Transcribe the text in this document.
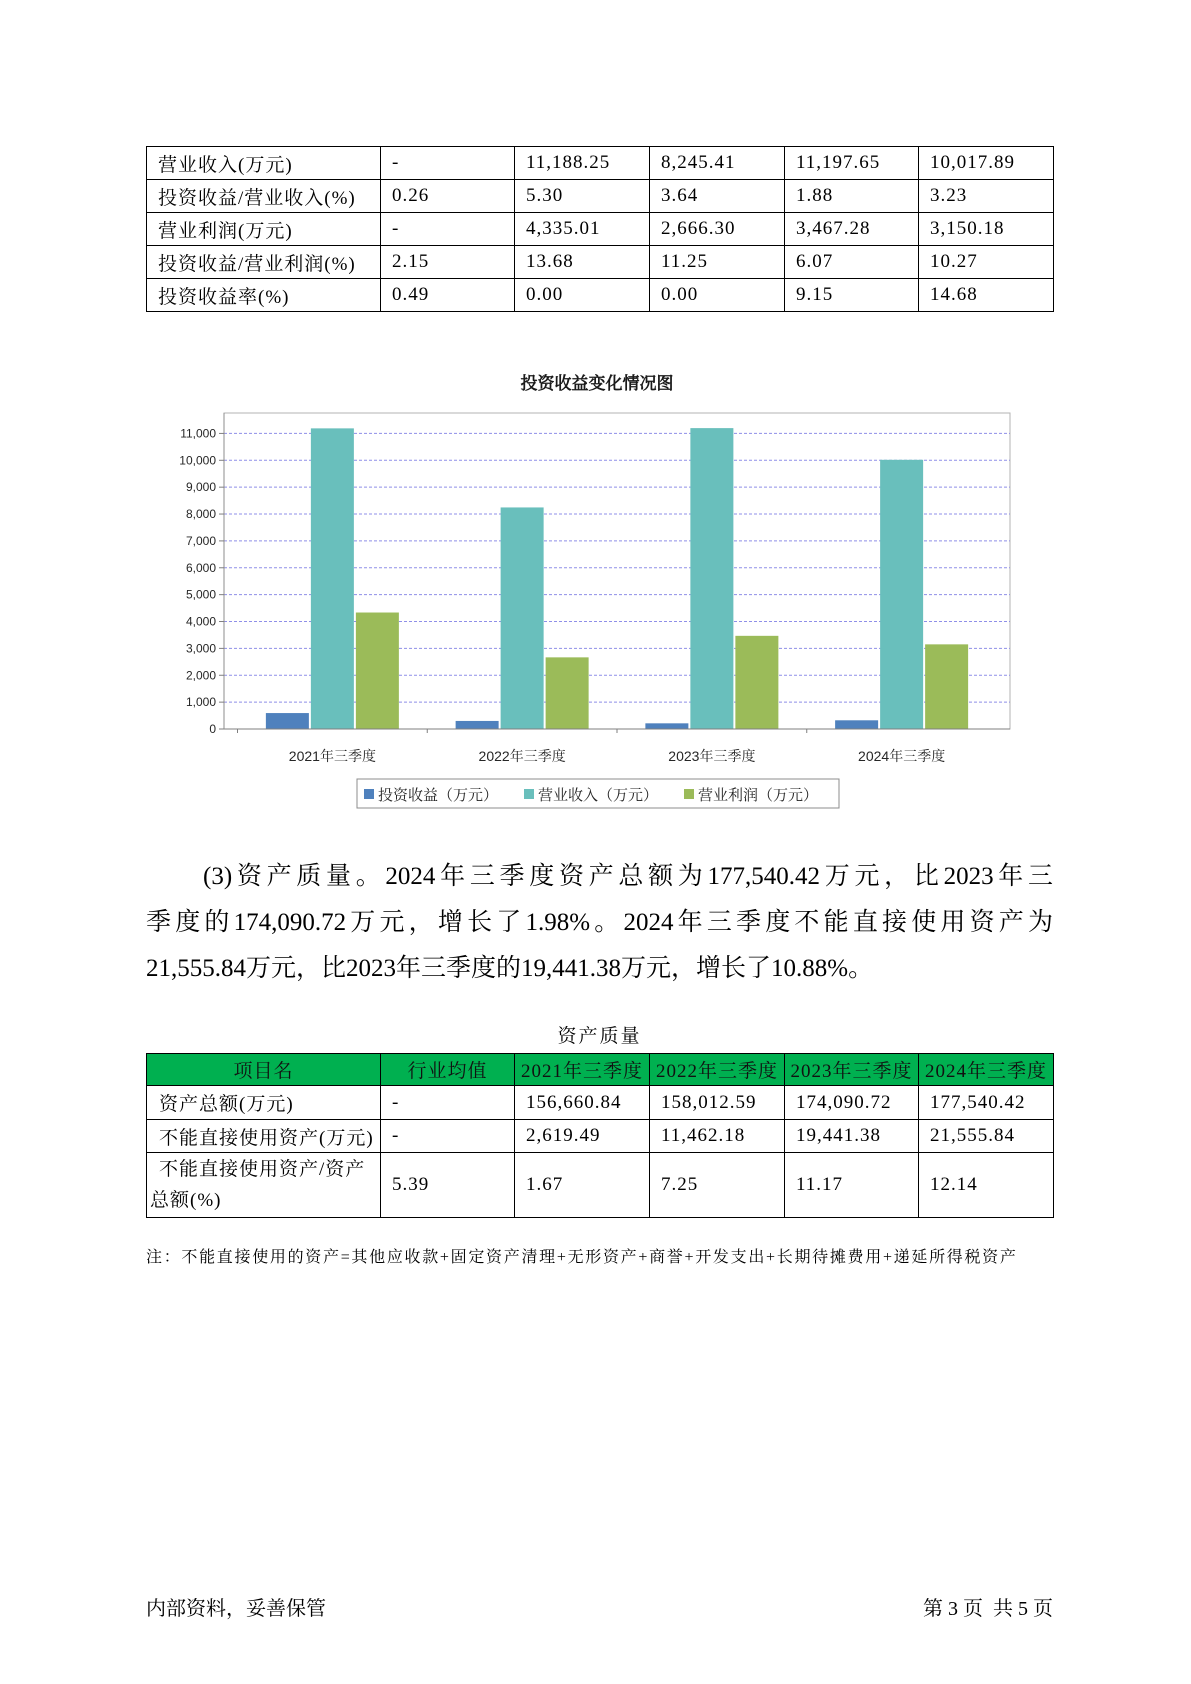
营业收入(万元)	-	11,188.25	8,245.41	11,197.65	10,017.89
投资收益/营业收入(%)	0.26	5.30	3.64	1.88	3.23
营业利润(万元)	-	4,335.01	2,666.30	3,467.28	3,150.18
投资收益/营业利润(%)	2.15	13.68	11.25	6.07	10.27
投资收益率(%)	0.49	0.00	0.00	9.15	14.68
投资收益变化情况图
0
1,000
2,000
3,000
4,000
5,000
6,000
7,000
8,000
9,000
10,000
11,000
2021年三季度	2022年三季度	2023年三季度	2024年三季度
投资收益（万元）	营业收入（万元）	营业利润（万元）
(3)资产质量。2024年三季度资产总额为177,540.42万元，比2023年三
季度的174,090.72万元，增长了1.98%。2024年三季度不能直接使用资产为
21,555.84万元，比2023年三季度的19,441.38万元，增长了10.88%。
资产质量
项目名	行业均值	2021年三季度	2022年三季度	2023年三季度	2024年三季度
资产总额(万元)	-	156,660.84	158,012.59	174,090.72	177,540.42
不能直接使用资产(万元)	-	2,619.49	11,462.18	19,441.38	21,555.84
不能直接使用资产/资产总额(%)	5.39	1.67	7.25	11.17	12.14
注：不能直接使用的资产=其他应收款+固定资产清理+无形资产+商誉+开发支出+长期待摊费用+递延所得税资产
内部资料，妥善保管	第 3 页  共 5 页
